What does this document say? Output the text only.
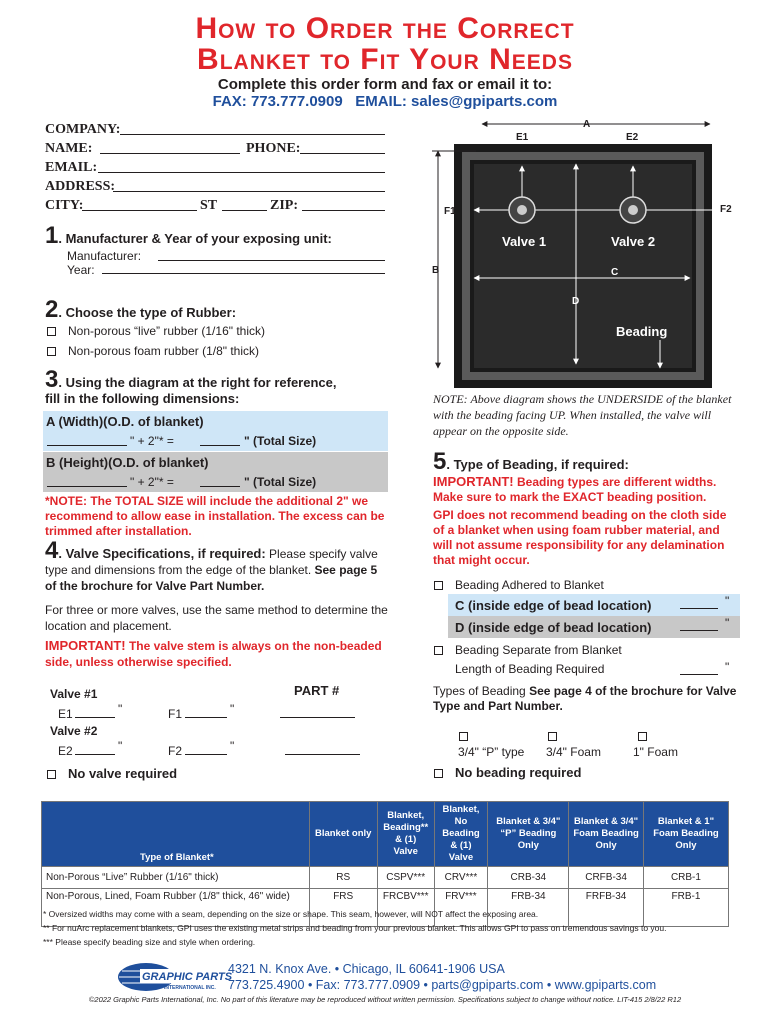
How to Order the Correct
Blanket to Fit Your Needs
Complete this order form and fax or email it to:
FAX: 773.777.0909   EMAIL: sales@gpiparts.com
COMPANY:
NAME:	PHONE:
EMAIL:
ADDRESS:
CITY:	ST	ZIP:
1. Manufacturer & Year of your exposing unit:
Manufacturer:
Year:
2. Choose the type of Rubber:
Non-porous “live” rubber (1/16" thick)
Non-porous foam rubber (1/8" thick)
3. Using the diagram at the right for reference,
fill in the following dimensions:
A (Width)(O.D. of blanket)
" + 2"* =	" (Total Size)
B (Height)(O.D. of blanket)
" + 2"* =	" (Total Size)
*NOTE: The TOTAL SIZE will include the additional 2" we recommend to allow ease in installation. The excess can be trimmed after installation.
4. Valve Specifications, if required: Please specify valve type and dimensions from the edge of the blanket. See page 5 of the brochure for Valve Part Number.
For three or more valves, use the same method to determine the location and placement.
IMPORTANT! The valve stem is always on the non-beaded side, unless otherwise specified.
PART #
Valve #1
E1	"	F1	"
Valve #2
E2	"	F2	"
No valve required
A
E1	E2
F1	F2
B	C
D
Valve 1	Valve 2
Beading
NOTE: Above diagram shows the UNDERSIDE of the blanket with the beading facing UP. When installed, the valve will appear on the opposite side.
5. Type of Beading, if required:
IMPORTANT! Beading types are different widths. Make sure to mark the EXACT beading position.
GPI does not recommend beading on the cloth side of a blanket when using foam rubber material, and will not assume responsibility for any delamination that might occur.
Beading Adhered to Blanket
C (inside edge of bead location)	"
D (inside edge of bead location)	"
Beading Separate from Blanket
Length of Beading Required	"
Types of Beading See page 4 of the brochure for Valve Type and Part Number.
3/4" “P” type 3/4" Foam	1" Foam
No beading required
Type of Blanket*	Blanket only	Blanket, Beading** & (1) Valve	Blanket, No Beading & (1) Valve	Blanket & 3/4" “P” Beading Only	Blanket & 3/4" Foam Beading Only	Blanket & 1" Foam Beading Only
Non-Porous “Live” Rubber (1/16" thick)	RS	CSPV***	CRV***	CRB-34	CRFB-34	CRB-1
Non-Porous, Lined, Foam Rubber (1/8" thick, 46" wide)	FRS	FRCBV***	FRV***	FRB-34	FRFB-34	FRB-1
* Oversized widths may come with a seam, depending on the size or shape. This seam, however, will NOT affect the exposing area.
** For nuArc replacement blankets, GPI uses the existing metal strips and beading from your previous blanket. This allows GPI to pass on tremendous savings to you.
*** Please specify beading size and style when ordering.
GRAPHIC PARTS
INTERNATIONAL INC.
4321 N. Knox Ave. • Chicago, IL 60641-1906 USA
773.725.4900 • Fax: 773.777.0909 • parts@gpiparts.com • www.gpiparts.com
©2022 Graphic Parts International, Inc. No part of this literature may be reproduced without written permission. Specifications subject to change without notice. LIT-415 2/8/22 R12
